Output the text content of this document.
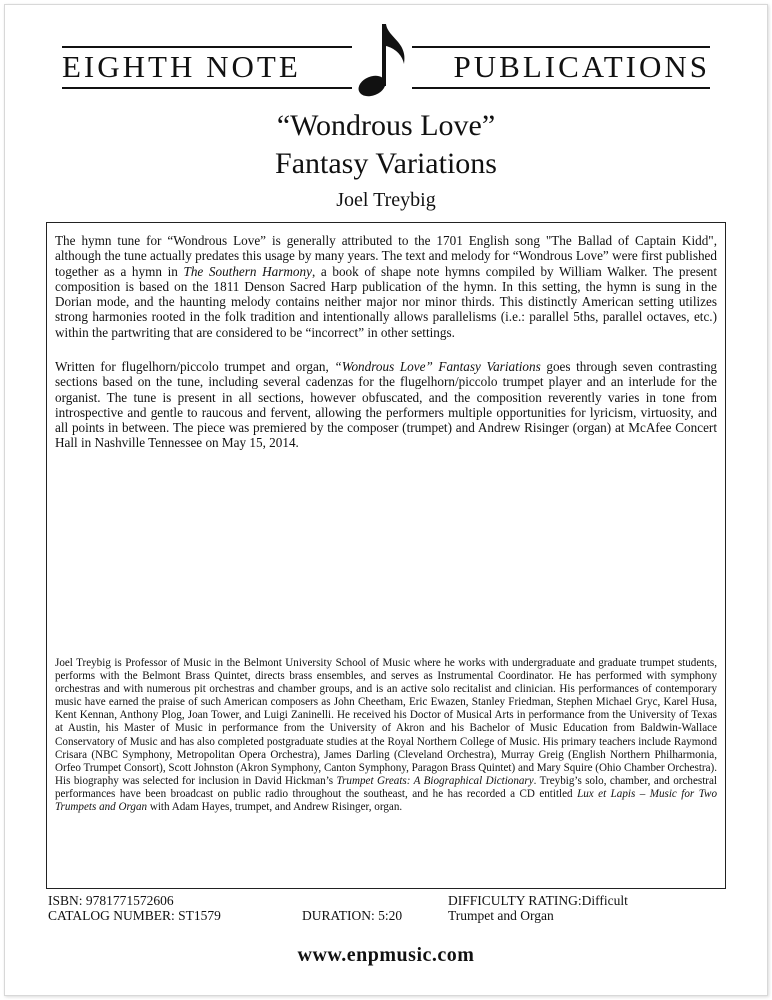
EIGHTH NOTE	PUBLICATIONS
“Wondrous Love”
Fantasy Variations
Joel Treybig
The hymn tune for “Wondrous Love” is generally attributed to the 1701 English song "The Ballad of Captain Kidd", although the tune actually predates this usage by many years. The text and melody for “Wondrous Love” were first published together as a hymn in The Southern Harmony, a book of shape note hymns compiled by William Walker. The present composition is based on the 1811 Denson Sacred Harp publication of the hymn. In this setting, the hymn is sung in the Dorian mode, and the haunting melody contains neither major nor minor thirds. This distinctly American setting utilizes strong harmonies rooted in the folk tradition and intentionally allows parallelisms (i.e.: parallel 5ths, parallel octaves, etc.) within the partwriting that are considered to be “incorrect” in other settings.
Written for flugelhorn/piccolo trumpet and organ, “Wondrous Love” Fantasy Variations goes through seven contrasting sections based on the tune, including several cadenzas for the flugelhorn/piccolo trumpet player and an interlude for the organist. The tune is present in all sections, however obfuscated, and the composition reverently varies in tone from introspective and gentle to raucous and fervent, allowing the performers multiple opportunities for lyricism, virtuosity, and all points in between. The piece was premiered by the composer (trumpet) and Andrew Risinger (organ) at McAfee Concert Hall in Nashville Tennessee on May 15, 2014.
Joel Treybig is Professor of Music in the Belmont University School of Music where he works with undergraduate and graduate trumpet students, performs with the Belmont Brass Quintet, directs brass ensembles, and serves as Instrumental Coordinator. He has performed with symphony orchestras and with numerous pit orchestras and chamber groups, and is an active solo recitalist and clinician. His performances of contemporary music have earned the praise of such American composers as John Cheetham, Eric Ewazen, Stanley Friedman, Stephen Michael Gryc, Karel Husa, Kent Kennan, Anthony Plog, Joan Tower, and Luigi Zaninelli. He received his Doctor of Musical Arts in performance from the University of Texas at Austin, his Master of Music in performance from the University of Akron and his Bachelor of Music Education from Baldwin-Wallace Conservatory of Music and has also completed postgraduate studies at the Royal Northern College of Music. His primary teachers include Raymond Crisara (NBC Symphony, Metropolitan Opera Orchestra), James Darling (Cleveland Orchestra), Murray Greig (English Northern Philharmonia, Orfeo Trumpet Consort), Scott Johnston (Akron Symphony, Canton Symphony, Paragon Brass Quintet) and Mary Squire (Ohio Chamber Orchestra). His biography was selected for inclusion in David Hickman’s Trumpet Greats: A Biographical Dictionary. Treybig’s solo, chamber, and orchestral performances have been broadcast on public radio throughout the southeast, and he has recorded a CD entitled Lux et Lapis – Music for Two Trumpets and Organ with Adam Hayes, trumpet, and Andrew Risinger, organ.
ISBN: 9781771572606
CATALOG NUMBER: ST1579	DURATION: 5:20
DIFFICULTY RATING:Difficult
Trumpet and Organ
www.enpmusic.com
